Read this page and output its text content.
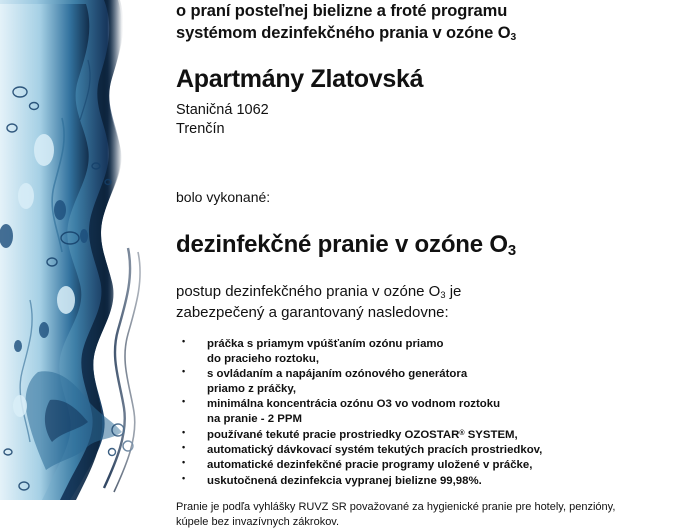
o praní posteľnej bielizne a froté programu
systémom dezinfekčného prania v ozóne $O_3$

Apartmány Zlatovská

Staničná 1062

Trenčín

bolo vykonané:

dezinfekčné pranie v ozóne $O_3$

postup dezinfekčného prania v ozóne $O_3$ je
zabezpečený a garantovaný nasledovne:

• práčka s priamym vpúšťaním ozónu priamo
do pracieho roztoku,
• s ovládaním a napájaním ozónového generátora
priamo z práčky,
• minimálna koncentrácia ozónu O3 vo vodnom roztoku
na pranie - 2 PPM
• používané tekuté pracie prostriedky OZOSTAR® SYSTEM,
• automatický dávkovací systém tekutých pracích prostriedkov,
• automatické dezinfekčné pracie programy uložené v práčke,
• uskutočnená dezinfekcia vypranej bielizne 99,98%.

Pranie je podľa vyhlášky RUVZ SR považované za hygienické pranie pre hotely, penzióny,
kúpele bez invazívnych zákrokov.
